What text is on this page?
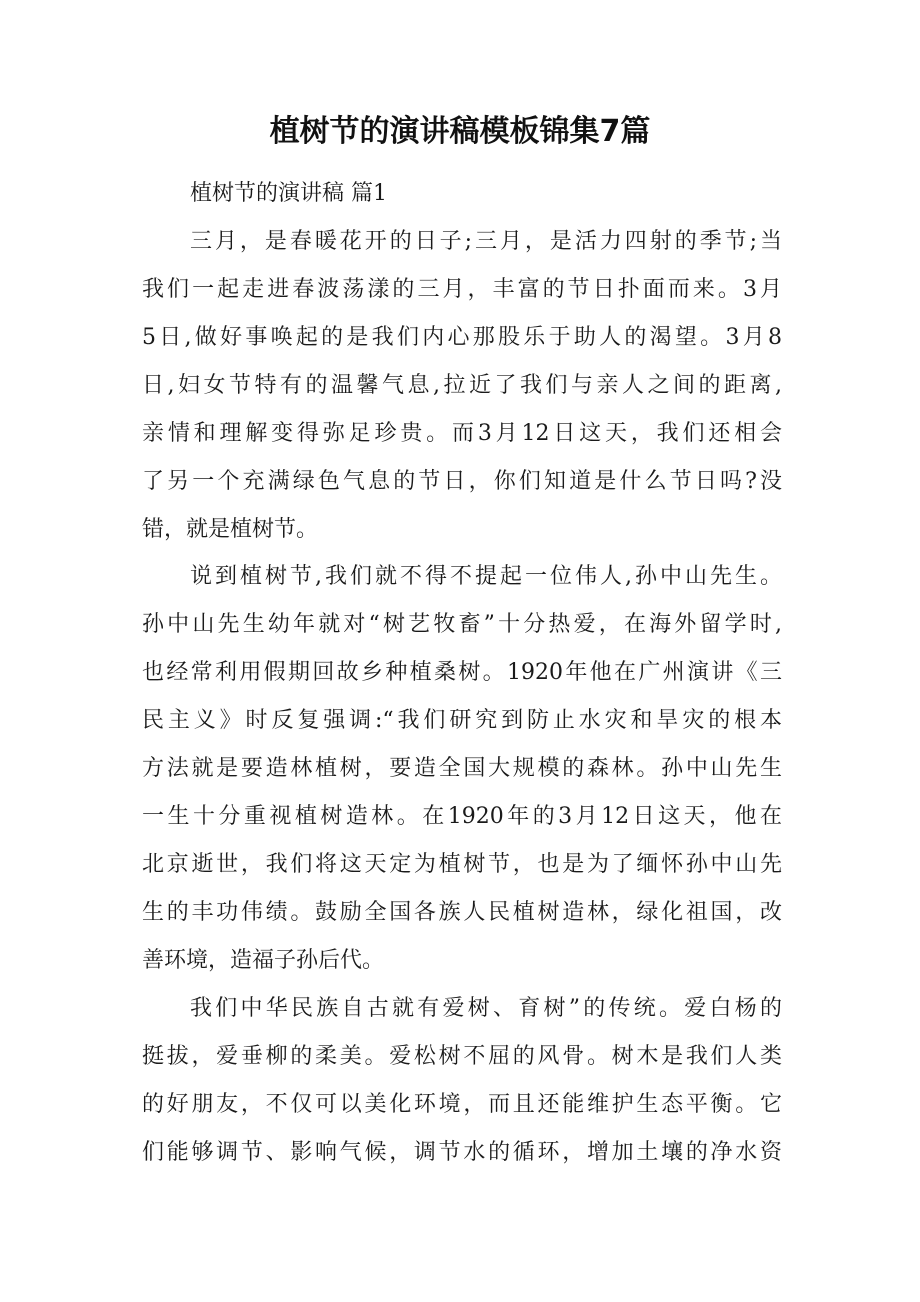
植树节的演讲稿模板锦集7篇

植树节的演讲稿 篇1

三月，是春暖花开的日子;三月，是活力四射的季节;当
我们一起走进春波荡漾的三月，丰富的节日扑面而来。3月
5日,做好事唤起的是我们内心那股乐于助人的渴望。3月8
日,妇女节特有的温馨气息,拉近了我们与亲人之间的距离,
亲情和理解变得弥足珍贵。而3月12日这天，我们还相会
了另一个充满绿色气息的节日，你们知道是什么节日吗?没
错，就是植树节。
说到植树节,我们就不得不提起一位伟人,孙中山先生。
孙中山先生幼年就对“树艺牧畜”十分热爱，在海外留学时,
也经常利用假期回故乡种植桑树。1920年他在广州演讲《三
民主义》时反复强调:“我们研究到防止水灾和旱灾的根本
方法就是要造林植树，要造全国大规模的森林。孙中山先生
一生十分重视植树造林。在1920年的3月12日这天，他在
北京逝世，我们将这天定为植树节，也是为了缅怀孙中山先
生的丰功伟绩。鼓励全国各族人民植树造林，绿化祖国，改
善环境，造福子孙后代。
我们中华民族自古就有爱树、育树”的传统。爱白杨的
挺拔，爱垂柳的柔美。爱松树不屈的风骨。树木是我们人类
的好朋友，不仅可以美化环境，而且还能维护生态平衡。它
们能够调节、影响气候，调节水的循环，增加土壤的净水资
